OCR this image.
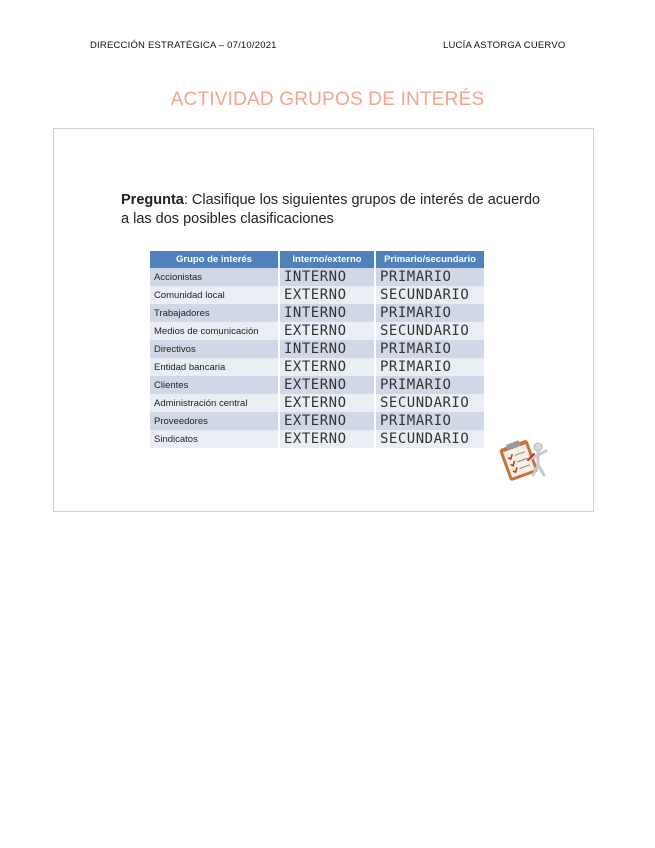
DIRECCIÓN ESTRATÉGICA – 07/10/2021	LUCÍA ASTORGA CUERVO
ACTIVIDAD GRUPOS DE INTERÉS
Pregunta: Clasifique los siguientes grupos de interés de acuerdo a las dos posibles clasificaciones
Grupo de interés	Interno/externo	Primario/secundario
Accionistas	INTERNO	PRIMARIO
Comunidad local	EXTERNO	SECUNDARIO
Trabajadores	INTERNO	PRIMARIO
Medios de comunicación	EXTERNO	SECUNDARIO
Directivos	INTERNO	PRIMARIO
Entidad bancaria	EXTERNO	PRIMARIO
Clientes	EXTERNO	PRIMARIO
Administración central	EXTERNO	SECUNDARIO
Proveedores	EXTERNO	PRIMARIO
Sindicatos	EXTERNO	SECUNDARIO
